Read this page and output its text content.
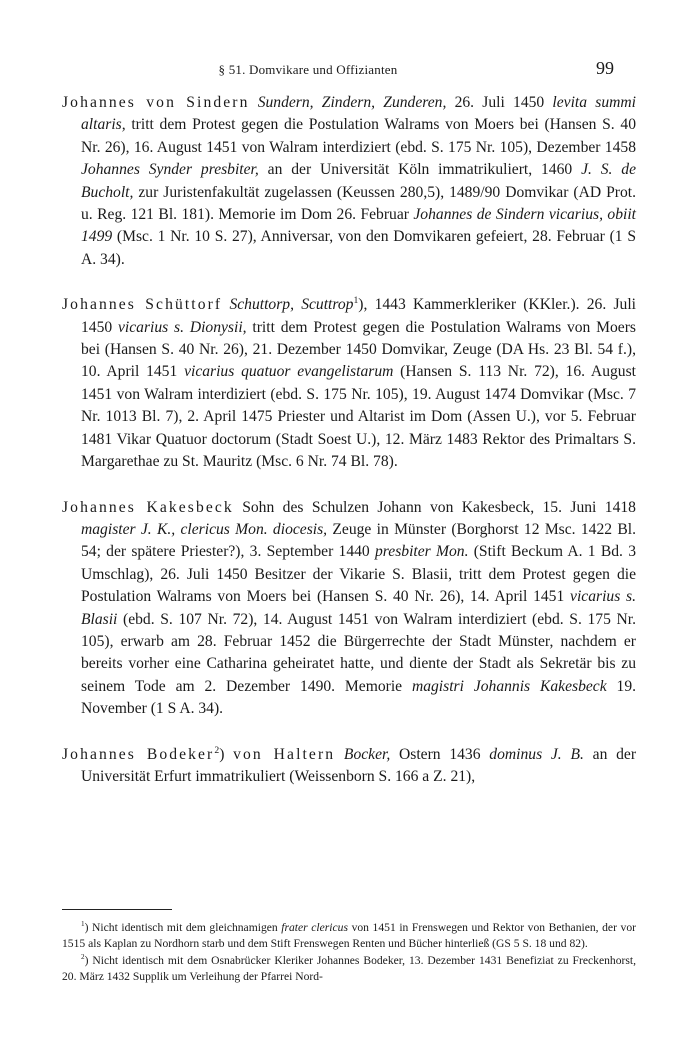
§ 51. Domvikare und Offizianten	99

Johannes von Sindern Sundern, Zindern, Zunderen, 26. Juli 1450 levita summi altaris, tritt dem Protest gegen die Postulation Walrams von Moers bei (Hansen S. 40 Nr. 26), 16. August 1451 von Walram interdiziert (ebd. S. 175 Nr. 105), Dezember 1458 Johannes Synder presbiter, an der Universität Köln immatrikuliert, 1460 J. S. de Bucholt, zur Juristenfakultät zugelassen (Keussen 280,5), 1489/90 Domvikar (AD Prot. u. Reg. 121 Bl. 181). Memorie im Dom 26. Februar Johannes de Sindern vicarius, obiit 1499 (Msc. 1 Nr. 10 S. 27), Anniversar, von den Domvikaren gefeiert, 28. Februar (1 S A. 34).

Johannes Schüttorf Schuttorp, Scuttrop$^1$), 1443 Kammerkleriker (KKler.). 26. Juli 1450 vicarius s. Dionysii, tritt dem Protest gegen die Postulation Walrams von Moers bei (Hansen S. 40 Nr. 26), 21. Dezember 1450 Domvikar, Zeuge (DA Hs. 23 Bl. 54 f.), 10. April 1451 vicarius quatuor evangelistarum (Hansen S. 113 Nr. 72), 16. August 1451 von Walram interdiziert (ebd. S. 175 Nr. 105), 19. August 1474 Domvikar (Msc. 7 Nr. 1013 Bl. 7), 2. April 1475 Priester und Altarist im Dom (Assen U.), vor 5. Februar 1481 Vikar Quatuor doctorum (Stadt Soest U.), 12. März 1483 Rektor des Primaltars S. Margarethae zu St. Mauritz (Msc. 6 Nr. 74 Bl. 78).

Johannes Kakesbeck Sohn des Schulzen Johann von Kakesbeck, 15. Juni 1418 magister J. K., clericus Mon. diocesis, Zeuge in Münster (Borghorst 12 Msc. 1422 Bl. 54; der spätere Priester?), 3. September 1440 presbiter Mon. (Stift Beckum A. 1 Bd. 3 Umschlag), 26. Juli 1450 Besitzer der Vikarie S. Blasii, tritt dem Protest gegen die Postulation Walrams von Moers bei (Hansen S. 40 Nr. 26), 14. April 1451 vicarius s. Blasii (ebd. S. 107 Nr. 72), 14. August 1451 von Walram interdiziert (ebd. S. 175 Nr. 105), erwarb am 28. Februar 1452 die Bürgerrechte der Stadt Münster, nachdem er bereits vorher eine Catharina geheiratet hatte, und diente der Stadt als Sekretär bis zu seinem Tode am 2. Dezember 1490. Memorie magistri Johannis Kakesbeck 19. November (1 S A. 34).

Johannes Bodeker$^2$) von Haltern Bocker, Ostern 1436 dominus J. B. an der Universität Erfurt immatrikuliert (Weissenborn S. 166 a Z. 21),

$^1$) Nicht identisch mit dem gleichnamigen frater clericus von 1451 in Frenswegen und Rektor von Bethanien, der vor 1515 als Kaplan zu Nordhorn starb und dem Stift Frenswegen Renten und Bücher hinterließ (GS 5 S. 18 und 82).

$^2$) Nicht identisch mit dem Osnabrücker Kleriker Johannes Bodeker, 13. Dezember 1431 Benefiziat zu Freckenhorst, 20. März 1432 Supplik um Verleihung der Pfarrei Nord-
